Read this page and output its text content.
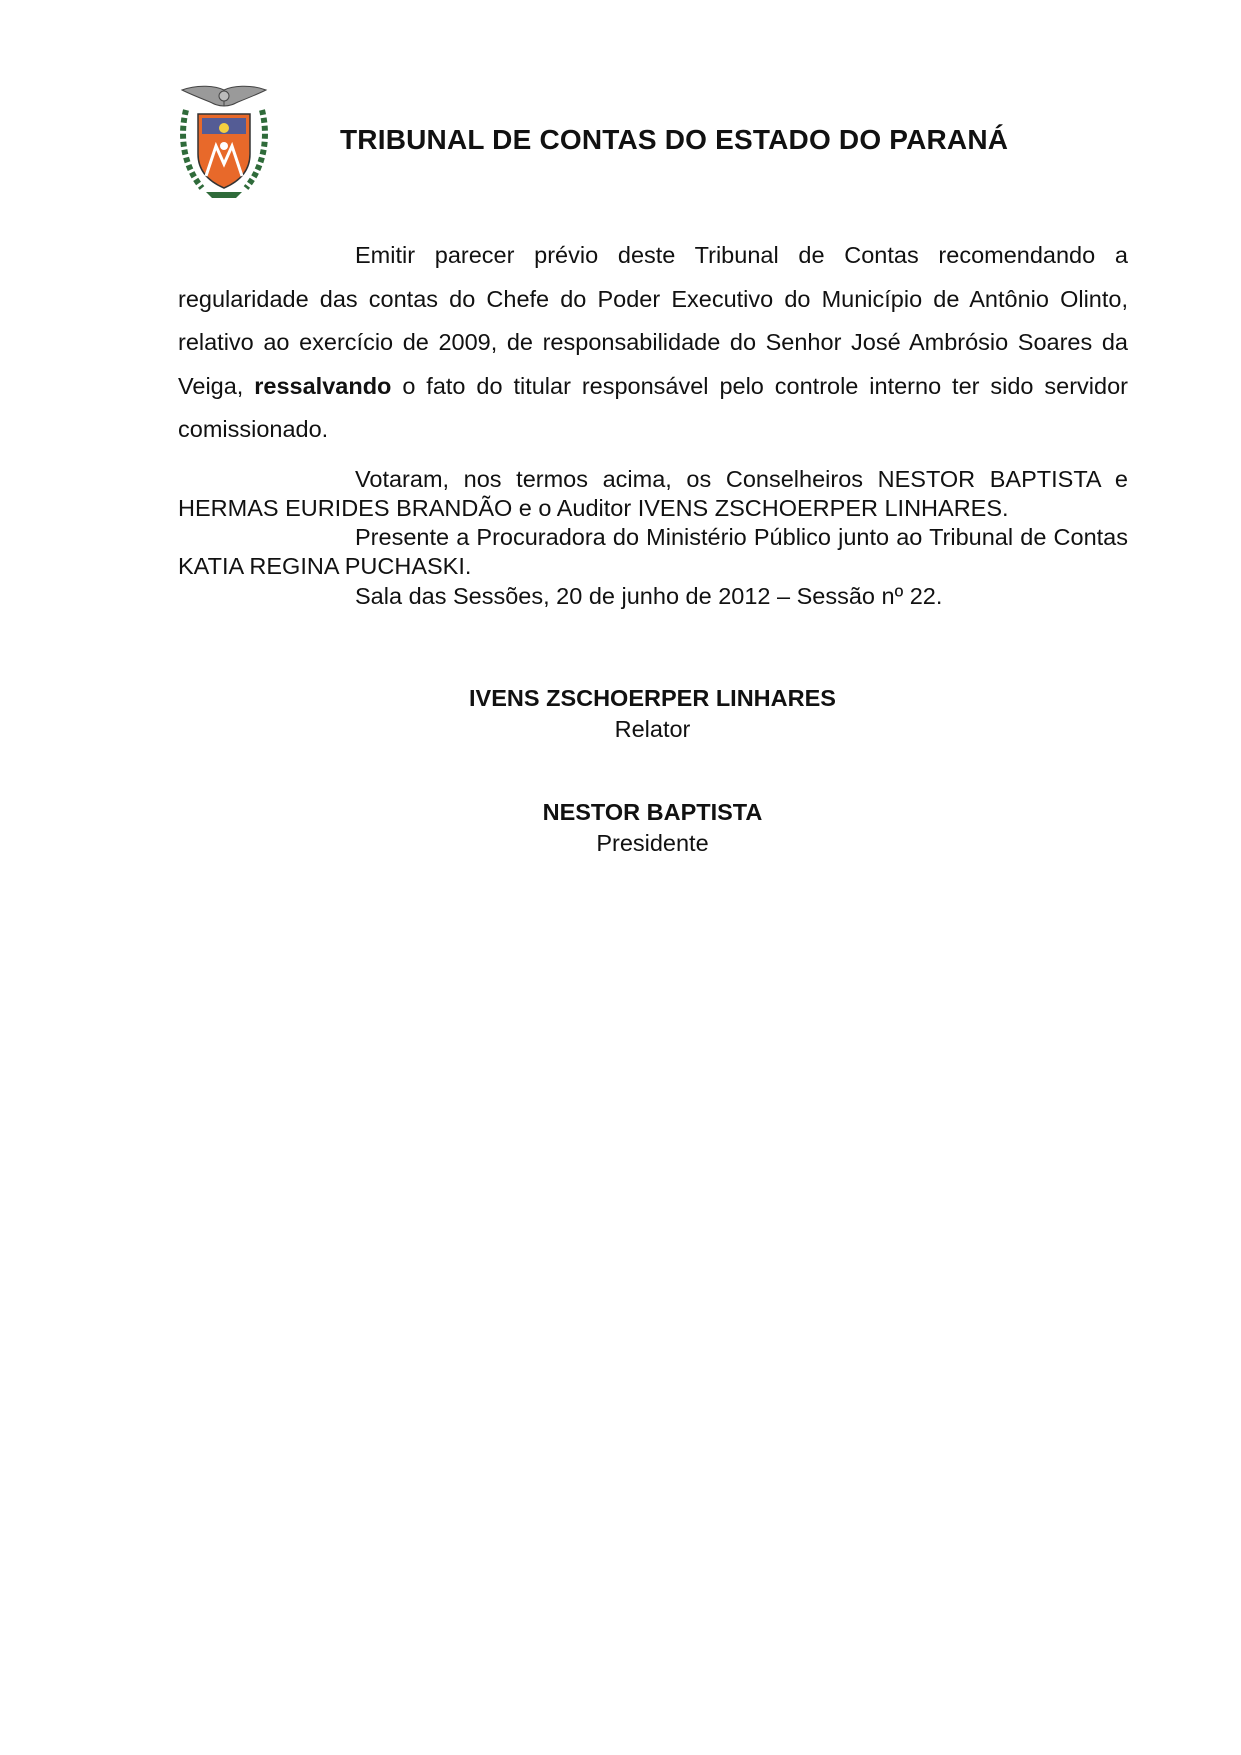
TRIBUNAL DE CONTAS DO ESTADO DO PARANÁ
Emitir parecer prévio deste Tribunal de Contas recomendando a regularidade das contas do Chefe do Poder Executivo do Município de Antônio Olinto, relativo ao exercício de 2009, de responsabilidade do Senhor José Ambrósio Soares da Veiga, ressalvando o fato do titular responsável pelo controle interno ter sido servidor comissionado.
Votaram, nos termos acima, os Conselheiros NESTOR BAPTISTA e HERMAS EURIDES BRANDÃO e o Auditor IVENS ZSCHOERPER LINHARES.
Presente a Procuradora do Ministério Público junto ao Tribunal de Contas KATIA REGINA PUCHASKI.
Sala das Sessões, 20 de junho de 2012 – Sessão nº 22.
IVENS ZSCHOERPER LINHARES
Relator
NESTOR BAPTISTA
Presidente
